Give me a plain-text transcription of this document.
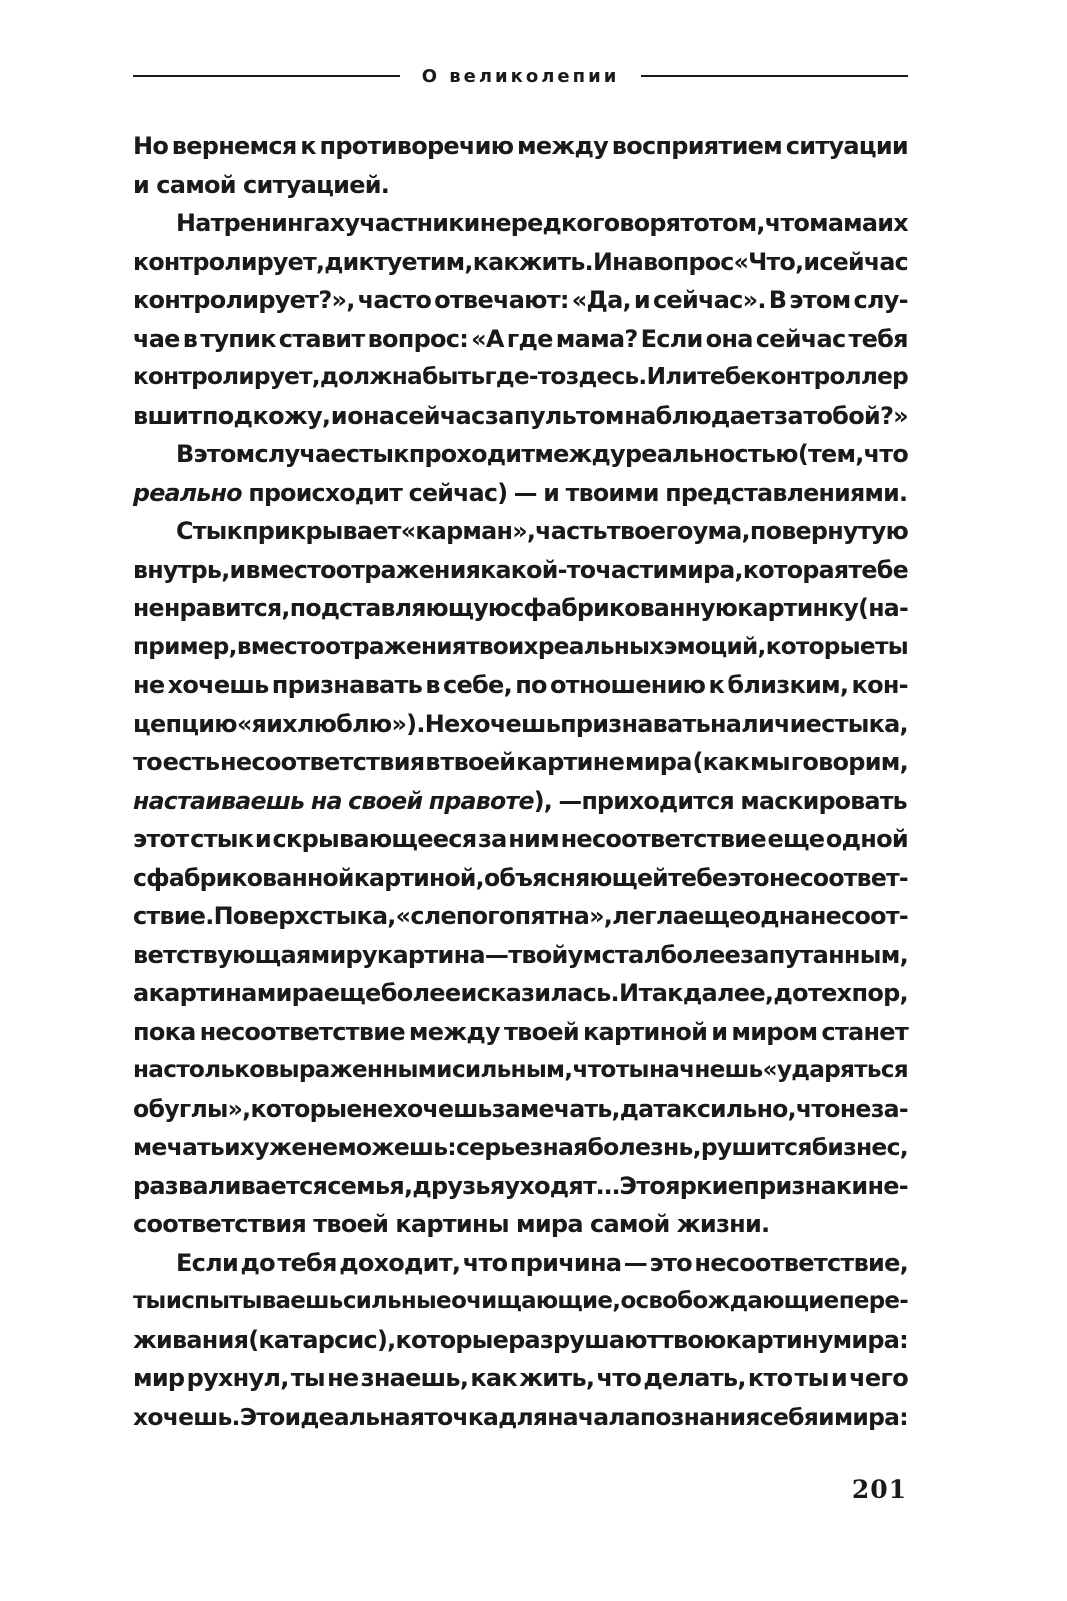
О великолепии
Но вернемся к противоречию между восприятием ситуации
и самой ситуацией.
На тренингах участники нередко говорят о том, что мама их
контролирует, диктует им, как жить. И на вопрос «Что, и сейчас
контролирует?», часто отвечают: «Да, и сейчас». В этом слу-
чае в тупик ставит вопрос: «А где мама? Если она сейчас тебя
контролирует, должна быть где-то здесь. Или тебе контроллер
вшит под кожу, и она сейчас за пультом наблюдает за тобой?»
В этом случае стык проходит между реальностью (тем, что
реально происходит сейчас) — и твоими представлениями.
Стык прикрывает «карман», часть твоего ума, повернутую
внутрь, и вместо отражения какой-то части мира, которая тебе
не нравится, подставляющую сфабрикованную картинку (на-
пример, вместо отражения твоих реальных эмоций, которые ты
не хочешь признавать в себе, по отношению к близким, кон-
цепцию «я их люблю»). Не хочешь признавать наличие стыка,
то есть несоответствия в твоей картине мира (как мы говорим,
настаиваешь на своей правоте), —приходится маскировать
этот стык и скрывающееся за ним несоответствие еще одной
сфабрикованной картиной, объясняющей тебе это несоответ-
ствие. Поверх стыка, «слепого пятна», легла еще одна несоот-
ветствующая миру картина — твой ум стал более запутанным,
а картина мира еще более исказилась. И так далее, до тех пор,
пока несоответствие между твоей картиной и миром станет
настолько выраженным и сильным, что ты начнешь «ударяться
об углы», которые не хочешь замечать, да так сильно, что не за-
мечать их уже не можешь: серьезная болезнь, рушится бизнес,
разваливается семья, друзья уходят… Это яркие признаки не-
соответствия твоей картины мира самой жизни.
Если до тебя доходит, что причина — это несоответствие,
ты испытываешь сильные очищающие, освобождающие пере-
живания (катарсис), которые разрушают твою картину мира:
мир рухнул, ты не знаешь, как жить, что делать, кто ты и чего
хочешь. Это идеальная точка для начала познания себя и мира:
201
